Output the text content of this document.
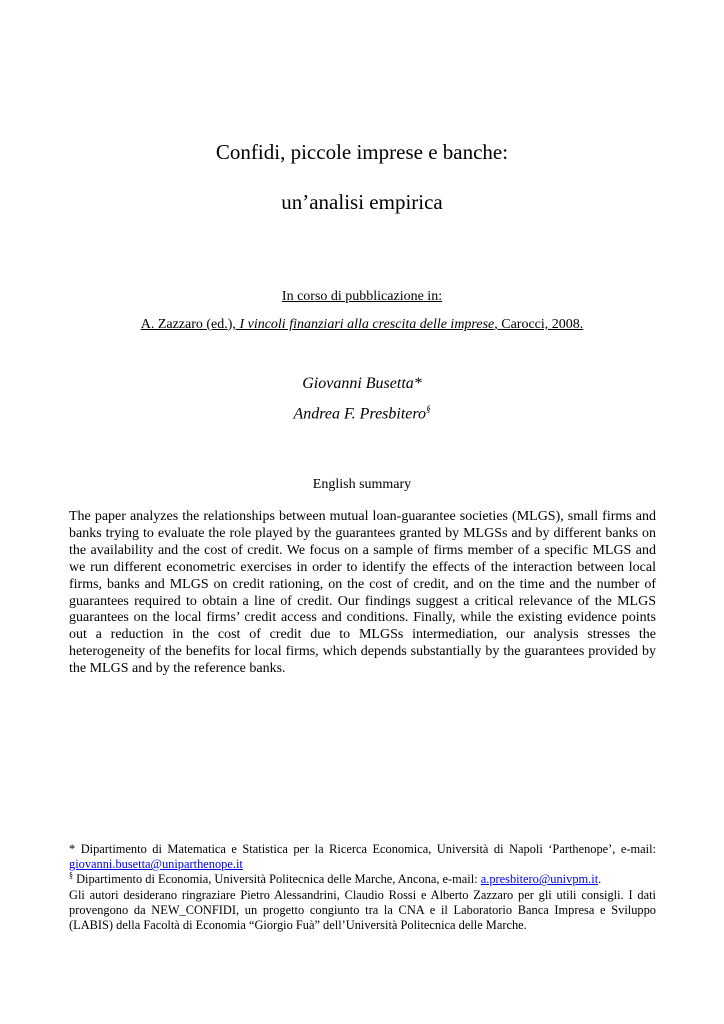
Confidi, piccole imprese e banche:
un’analisi empirica
In corso di pubblicazione in:
A. Zazzaro (ed.), I vincoli finanziari alla crescita delle imprese, Carocci, 2008.
Giovanni Busetta*
Andrea F. Presbitero§
English summary

The paper analyzes the relationships between mutual loan-guarantee societies (MLGS), small firms and banks trying to evaluate the role played by the guarantees granted by MLGSs and by different banks on the availability and the cost of credit. We focus on a sample of firms member of a specific MLGS and we run different econometric exercises in order to identify the effects of the interaction between local firms, banks and MLGS on credit rationing, on the cost of credit, and on the time and the number of guarantees required to obtain a line of credit. Our findings suggest a critical relevance of the MLGS guarantees on the local firms’ credit access and conditions. Finally, while the existing evidence points out a reduction in the cost of credit due to MLGSs intermediation, our analysis stresses the heterogeneity of the benefits for local firms, which depends substantially by the guarantees provided by the MLGS and by the reference banks.

* Dipartimento di Matematica e Statistica per la Ricerca Economica, Università di Napoli ‘Parthenope’, e-mail: giovanni.busetta@uniparthenope.it

§ Dipartimento di Economia, Università Politecnica delle Marche, Ancona, e-mail: a.presbitero@univpm.it.

Gli autori desiderano ringraziare Pietro Alessandrini, Claudio Rossi e Alberto Zazzaro per gli utili consigli. I dati provengono da NEW_CONFIDI, un progetto congiunto tra la CNA e il Laboratorio Banca Impresa e Sviluppo (LABIS) della Facoltà di Economia “Giorgio Fuà” dell’Università Politecnica delle Marche.
